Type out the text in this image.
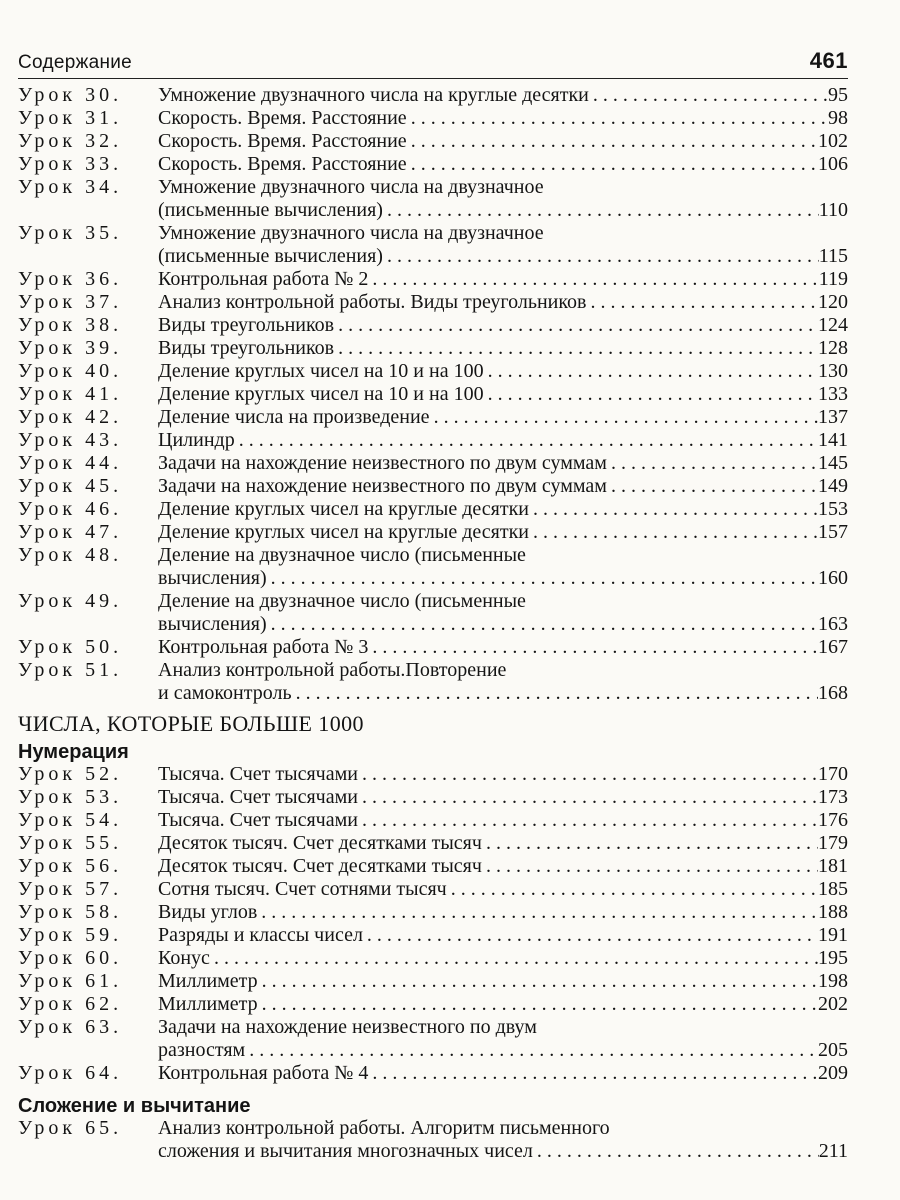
Содержание	461
Урок 30.	Умножение двузначного числа на круглые десятки . . .	95
Урок 31.	Скорость. Время. Расстояние . . .	98
Урок 32.	Скорость. Время. Расстояние . . .	102
Урок 33.	Скорость. Время. Расстояние . . .	106
Урок 34.	Умножение двузначного числа на двузначное
(письменные вычисления) . . .	110
Урок 35.	Умножение двузначного числа на двузначное
(письменные вычисления) . . .	115
Урок 36.	Контрольная работа № 2 . . .	119
Урок 37.	Анализ контрольной работы. Виды треугольников . . .	120
Урок 38.	Виды треугольников . . .	124
Урок 39.	Виды треугольников . . .	128
Урок 40.	Деление круглых чисел на 10 и на 100 . . .	130
Урок 41.	Деление круглых чисел на 10 и на 100 . . .	133
Урок 42.	Деление числа на произведение . . .	137
Урок 43.	Цилиндр . . .	141
Урок 44.	Задачи на нахождение неизвестного по двум суммам . . .	145
Урок 45.	Задачи на нахождение неизвестного по двум суммам . . .	149
Урок 46.	Деление круглых чисел на круглые десятки . . .	153
Урок 47.	Деление круглых чисел на круглые десятки . . .	157
Урок 48.	Деление на двузначное число (письменные
вычисления) . . .	160
Урок 49.	Деление на двузначное число (письменные
вычисления) . . .	163
Урок 50.	Контрольная работа № 3 . . .	167
Урок 51.	Анализ контрольной работы.Повторение
и самоконтроль . . .	168
ЧИСЛА, КОТОРЫЕ БОЛЬШЕ 1000
Нумерация
Урок 52.	Тысяча. Счет тысячами . . .	170
Урок 53.	Тысяча. Счет тысячами . . .	173
Урок 54.	Тысяча. Счет тысячами . . .	176
Урок 55.	Десяток тысяч. Счет десятками тысяч . . .	179
Урок 56.	Десяток тысяч. Счет десятками тысяч . . .	181
Урок 57.	Сотня тысяч. Счет сотнями тысяч . . .	185
Урок 58.	Виды углов . . .	188
Урок 59.	Разряды и классы чисел . . .	191
Урок 60.	Конус . . .	195
Урок 61.	Миллиметр . . .	198
Урок 62.	Миллиметр . . .	202
Урок 63.	Задачи на нахождение неизвестного по двум
разностям . . .	205
Урок 64.	Контрольная работа № 4 . . .	209
Сложение и вычитание
Урок 65.	Анализ контрольной работы. Алгоритм письменного
сложения и вычитания многозначных чисел . . .	211
